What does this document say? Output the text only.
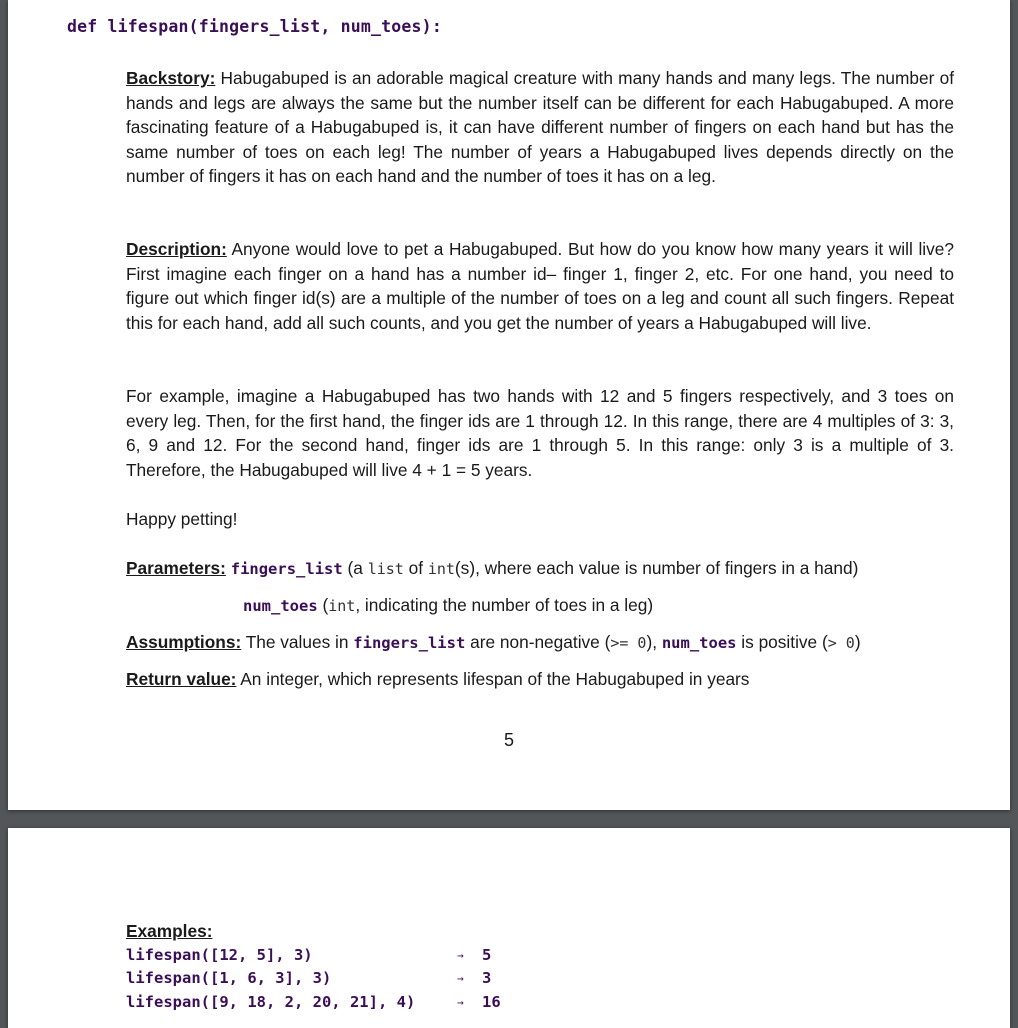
def lifespan(fingers_list, num_toes):

Backstory: Habugabuped is an adorable magical creature with many hands and many legs. The number of hands and legs are always the same but the number itself can be different for each Habugabuped. A more fascinating feature of a Habugabuped is, it can have different number of fingers on each hand but has the same number of toes on each leg! The number of years a Habugabuped lives depends directly on the number of fingers it has on each hand and the number of toes it has on a leg.

Description: Anyone would love to pet a Habugabuped. But how do you know how many years it will live? First imagine each finger on a hand has a number id– finger 1, finger 2, etc. For one hand, you need to figure out which finger id(s) are a multiple of the number of toes on a leg and count all such fingers. Repeat this for each hand, add all such counts, and you get the number of years a Habugabuped will live.

For example, imagine a Habugabuped has two hands with 12 and 5 fingers respectively, and 3 toes on every leg. Then, for the first hand, the finger ids are 1 through 12. In this range, there are 4 multiples of 3: 3, 6, 9 and 12. For the second hand, finger ids are 1 through 5. In this range: only 3 is a multiple of 3. Therefore, the Habugabuped will live 4 + 1 = 5 years.

Happy petting!

Parameters: fingers_list (a list of int(s), where each value is number of fingers in a hand)

num_toes (int, indicating the number of toes in a leg)

Assumptions: The values in fingers_list are non-negative (>= 0), num_toes is positive (> 0)

Return value: An integer, which represents lifespan of the Habugabuped in years

5
Examples:
lifespan([12, 5], 3)	→ 5
lifespan([1, 6, 3], 3)	→ 3
lifespan([9, 18, 2, 20, 21], 4)	→ 16
